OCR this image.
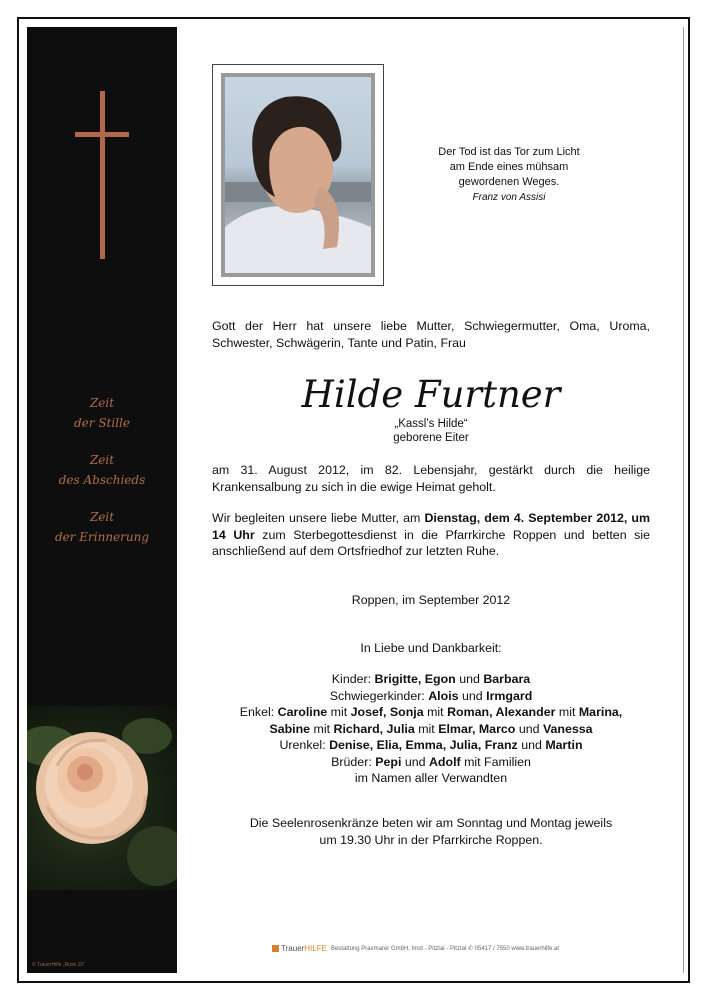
Zeit
der Stille
Zeit
des Abschieds
Zeit
der Erinnerung
© TrauerHilfe „Rose 10“
Der Tod ist das Tor zum Licht
am Ende eines mühsam
gewordenen Weges.
Franz von Assisi
Gott der Herr hat unsere liebe Mutter, Schwiegermutter, Oma, Uroma, Schwester, Schwägerin, Tante und Patin, Frau
Hilde Furtner
„Kassl’s Hilde“
geborene Eiter
am 31. August 2012, im 82. Lebensjahr, gestärkt durch die heilige Krankensalbung zu sich in die ewige Heimat geholt.
Wir begleiten unsere liebe Mutter, am Dienstag, dem 4. September 2012, um 14 Uhr zum Sterbegottesdienst in die Pfarrkirche Roppen und betten sie anschließend auf dem Ortsfriedhof zur letzten Ruhe.
Roppen, im September 2012
In Liebe und Dankbarkeit:
Kinder: Brigitte, Egon und Barbara
Schwiegerkinder: Alois und Irmgard
Enkel: Caroline mit Josef, Sonja mit Roman, Alexander mit Marina,
Sabine mit Richard, Julia mit Elmar, Marco und Vanessa
Urenkel: Denise, Elia, Emma, Julia, Franz und Martin
Brüder: Pepi und Adolf mit Familien
im Namen aller Verwandten
Die Seelenrosenkränze beten wir am Sonntag und Montag jeweils
um 19.30 Uhr in der Pfarrkirche Roppen.
TrauerHILFE Bestattung Praxmarer GmbH, Imst - Pitztal - Pitztal ✆ 05417 / 7550 www.trauerhilfe.at
